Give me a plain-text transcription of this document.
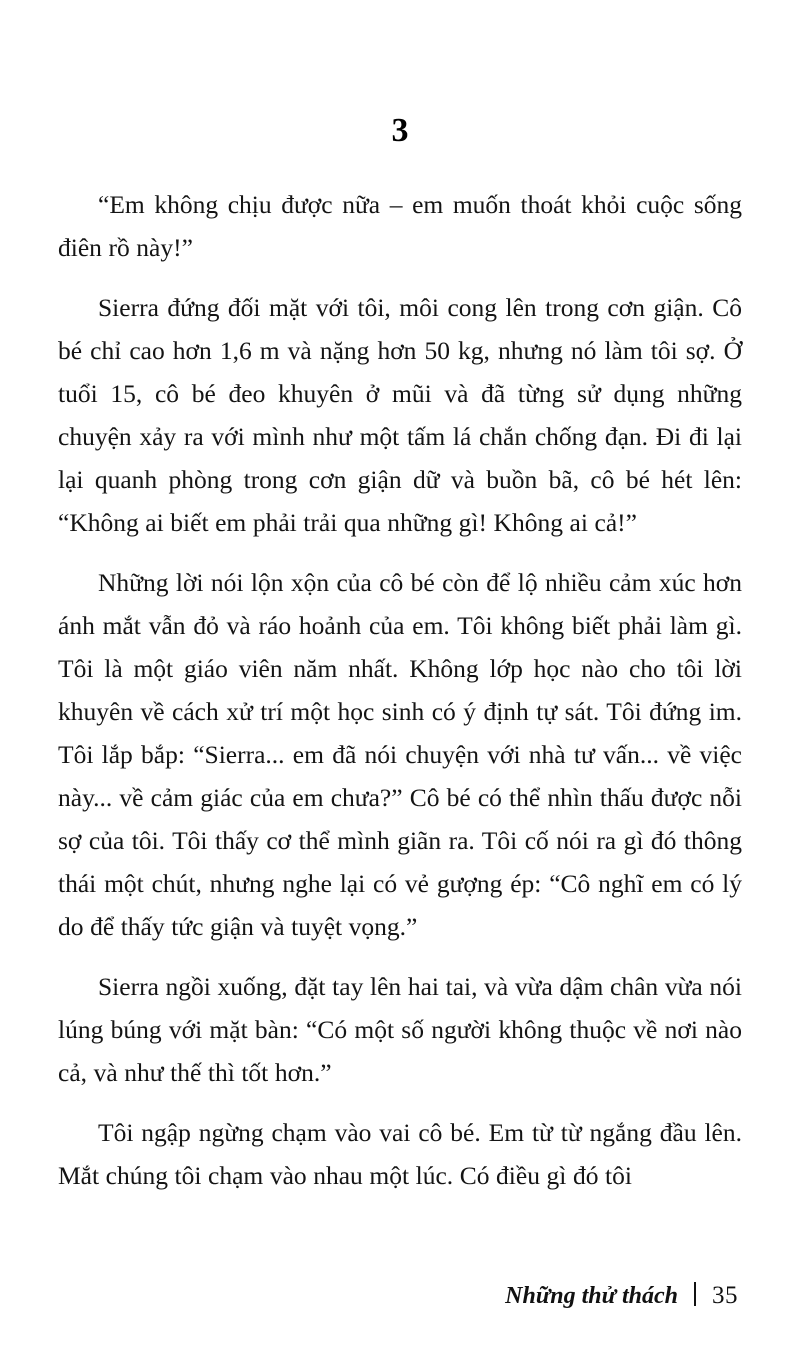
3

“Em không chịu được nữa – em muốn thoát khỏi cuộc sống điên rồ này!”

Sierra đứng đối mặt với tôi, môi cong lên trong cơn giận. Cô bé chỉ cao hơn 1,6 m và nặng hơn 50 kg, nhưng nó làm tôi sợ. Ở tuổi 15, cô bé đeo khuyên ở mũi và đã từng sử dụng những chuyện xảy ra với mình như một tấm lá chắn chống đạn. Đi đi lại lại quanh phòng trong cơn giận dữ và buồn bã, cô bé hét lên: “Không ai biết em phải trải qua những gì! Không ai cả!”

Những lời nói lộn xộn của cô bé còn để lộ nhiều cảm xúc hơn ánh mắt vẫn đỏ và ráo hoảnh của em. Tôi không biết phải làm gì. Tôi là một giáo viên năm nhất. Không lớp học nào cho tôi lời khuyên về cách xử trí một học sinh có ý định tự sát. Tôi đứng im. Tôi lắp bắp: “Sierra... em đã nói chuyện với nhà tư vấn... về việc này... về cảm giác của em chưa?” Cô bé có thể nhìn thấu được nỗi sợ của tôi. Tôi thấy cơ thể mình giãn ra. Tôi cố nói ra gì đó thông thái một chút, nhưng nghe lại có vẻ gượng ép: “Cô nghĩ em có lý do để thấy tức giận và tuyệt vọng.”

Sierra ngồi xuống, đặt tay lên hai tai, và vừa dậm chân vừa nói lúng búng với mặt bàn: “Có một số người không thuộc về nơi nào cả, và như thế thì tốt hơn.”

Tôi ngập ngừng chạm vào vai cô bé. Em từ từ ngắng đầu lên. Mắt chúng tôi chạm vào nhau một lúc. Có điều gì đó tôi

Những thử thách 35
